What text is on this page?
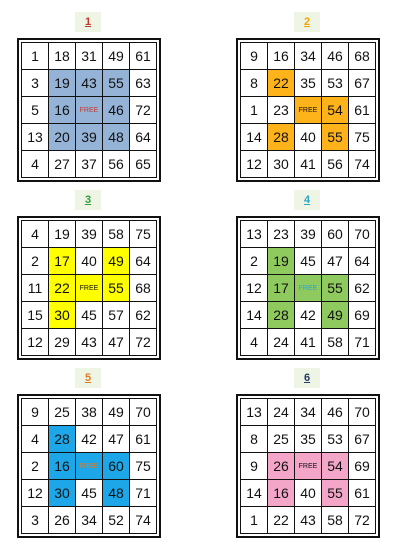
1
1	18	31	49	61
3	19	43	55	63
5	16	FREE	46	72
13	20	39	48	64
4	27	37	56	65
2
9	16	34	46	68
8	22	35	53	67
1	23	FREE	54	61
14	28	40	55	75
12	30	41	56	74
3
4	19	39	58	75
2	17	40	49	64
11	22	FREE	55	68
15	30	45	57	62
12	29	43	47	72
4
13	23	39	60	70
2	19	45	47	64
12	17	FREE	55	62
14	28	42	49	69
4	24	41	58	71
5
9	25	38	49	70
4	28	42	47	61
2	16	FREE	60	75
12	30	45	48	71
3	26	34	52	74
6
13	24	34	46	70
8	25	35	53	67
9	26	FREE	54	69
14	16	40	55	61
1	22	43	58	72
